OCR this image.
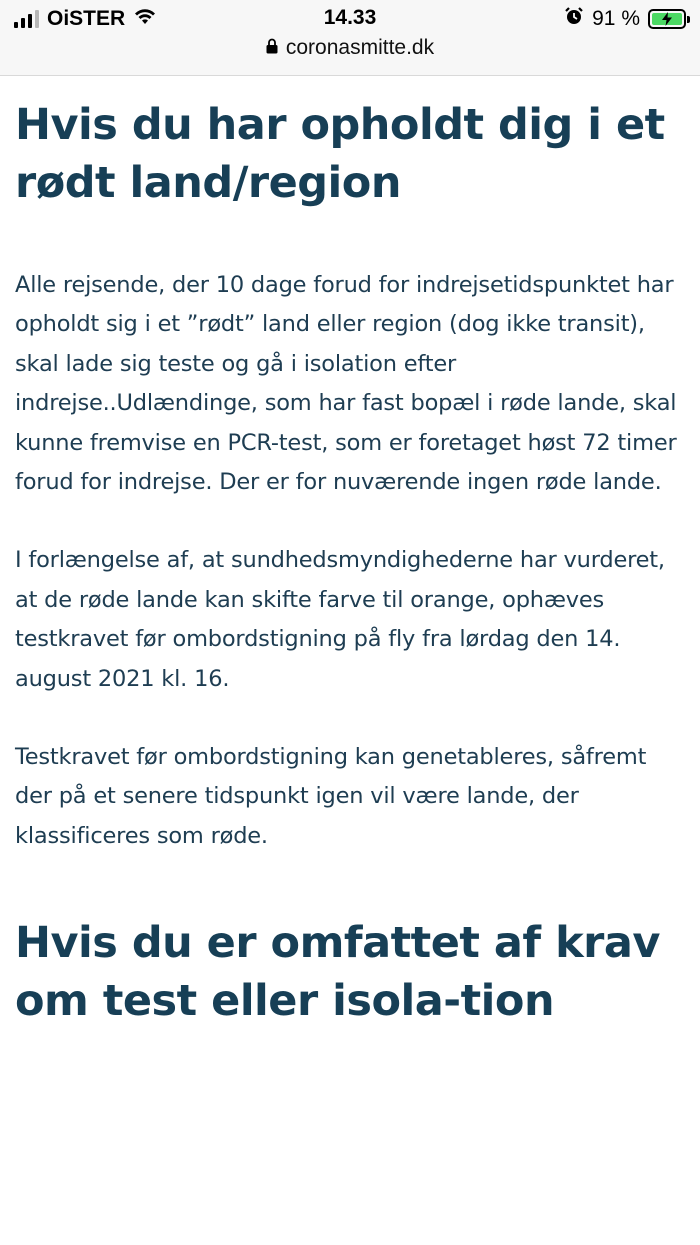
OiSTER	14.33	91 %
coronasmitte.dk
Hvis du har opholdt dig i et rødt land/region

Alle rejsende, der 10 dage forud for indrejsetidspunktet har opholdt sig i et ”rødt” land eller region (dog ikke transit), skal lade sig teste og gå i isolation efter indrejse..Udlændinge, som har fast bopæl i røde lande, skal kunne fremvise en PCR-test, som er foretaget høst 72 timer forud for indrejse. Der er for nuværende ingen røde lande.

I forlængelse af, at sundhedsmyndighederne har vurderet, at de røde lande kan skifte farve til orange, ophæves testkravet før ombordstigning på fly fra lørdag den 14. august 2021 kl. 16.

Testkravet før ombordstigning kan genetableres, såfremt der på et senere tidspunkt igen vil være lande, der klassificeres som røde.

Hvis du er omfattet af krav om test eller isola-tion
